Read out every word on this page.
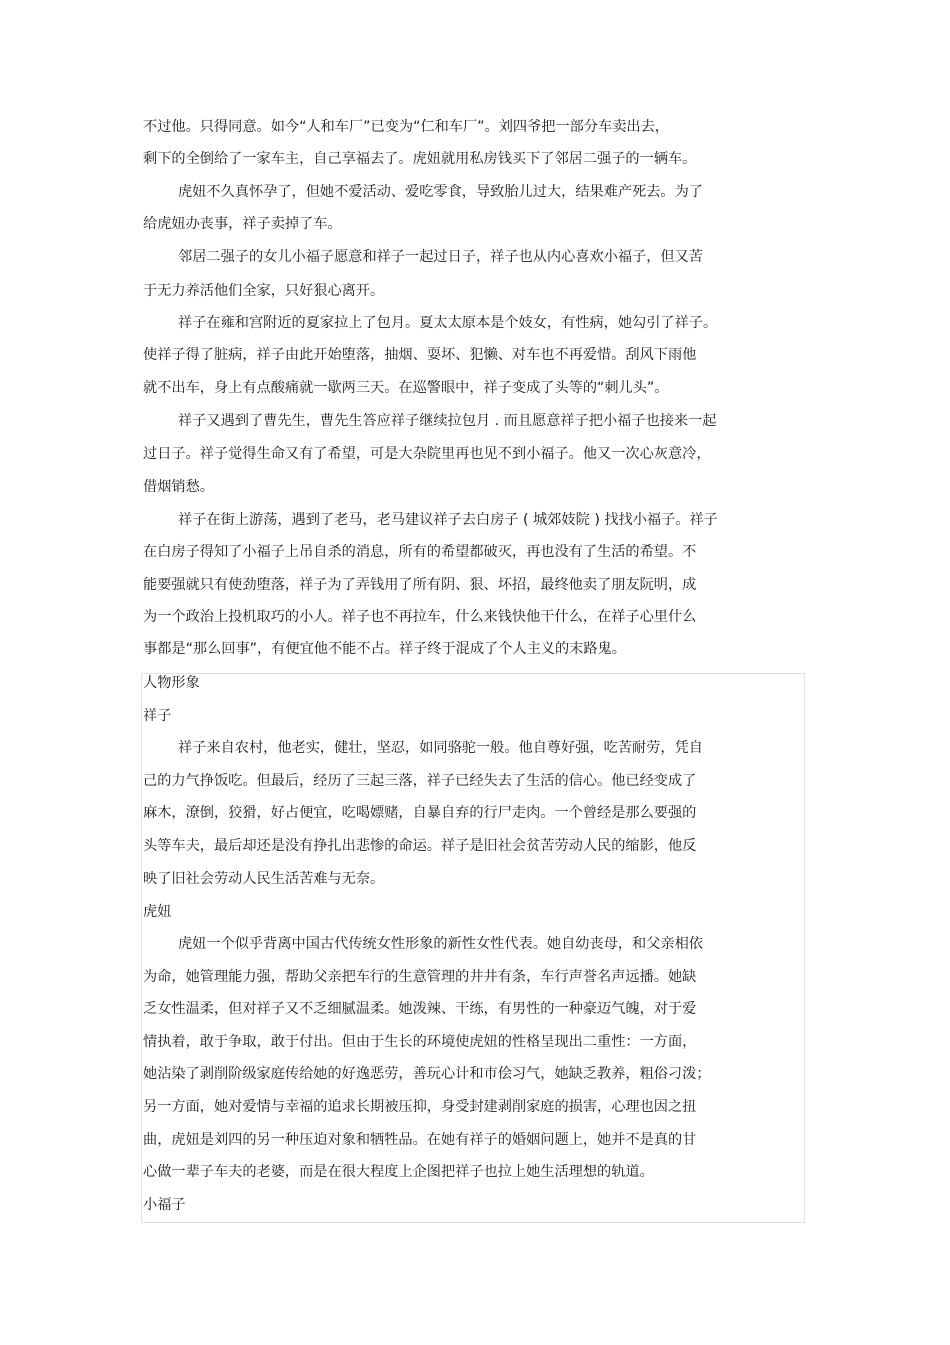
不过他。只得同意。如今“人和车厂”已变为“仁和车厂”。刘四爷把一部分车卖出去，
剩下的全倒给了一家车主，自己享福去了。虎妞就用私房钱买下了邻居二强子的一辆车。
虎妞不久真怀孕了，但她不爱活动、爱吃零食，导致胎儿过大，结果难产死去。为了
给虎妞办丧事，祥子卖掉了车。
邻居二强子的女儿小福子愿意和祥子一起过日子，祥子也从内心喜欢小福子，但又苦
于无力养活他们全家，只好狠心离开。
祥子在雍和宫附近的夏家拉上了包月。夏太太原本是个妓女，有性病，她勾引了祥子。
使祥子得了脏病，祥子由此开始堕落，抽烟、耍坏、犯懒、对车也不再爱惜。刮风下雨他
就不出车，身上有点酸痛就一歇两三天。在巡警眼中，祥子变成了头等的“刺儿头”。
祥子又遇到了曹先生，曹先生答应祥子继续拉包月 . 而且愿意祥子把小福子也接来一起
过日子。祥子觉得生命又有了希望，可是大杂院里再也见不到小福子。他又一次心灰意冷，
借烟销愁。
祥子在街上游荡，遇到了老马，老马建议祥子去白房子 ( 城郊妓院 ) 找找小福子。祥子
在白房子得知了小福子上吊自杀的消息，所有的希望都破灭，再也没有了生活的希望。不
能要强就只有使劲堕落，祥子为了弄钱用了所有阴、狠、坏招，最终他卖了朋友阮明，成
为一个政治上投机取巧的小人。祥子也不再拉车，什么来钱快他干什么，在祥子心里什么
事都是“那么回事”，有便宜他不能不占。祥子终于混成了个人主义的末路鬼。
人物形象
祥子
祥子来自农村，他老实，健壮，坚忍，如同骆驼一般。他自尊好强，吃苦耐劳，凭自
己的力气挣饭吃。但最后，经历了三起三落，祥子已经失去了生活的信心。他已经变成了
麻木，潦倒，狡猾，好占便宜，吃喝嫖赌，自暴自弃的行尸走肉。一个曾经是那么要强的
头等车夫，最后却还是没有挣扎出悲惨的命运。祥子是旧社会贫苦劳动人民的缩影，他反
映了旧社会劳动人民生活苦难与无奈。
虎妞
虎妞一个似乎背离中国古代传统女性形象的新性女性代表。她自幼丧母，和父亲相依
为命，她管理能力强，帮助父亲把车行的生意管理的井井有条，车行声誉名声远播。她缺
乏女性温柔，但对祥子又不乏细腻温柔。她泼辣、干练，有男性的一种豪迈气魄，对于爱
情执着，敢于争取，敢于付出。但由于生长的环境使虎妞的性格呈现出二重性：一方面，
她沾染了剥削阶级家庭传给她的好逸恶劳，善玩心计和市侩习气，她缺乏教养，粗俗刁泼；
另一方面，她对爱情与幸福的追求长期被压抑，身受封建剥削家庭的损害，心理也因之扭
曲，虎妞是刘四的另一种压迫对象和牺牲品。在她有祥子的婚姻问题上，她并不是真的甘
心做一辈子车夫的老婆，而是在很大程度上企图把祥子也拉上她生活理想的轨道。
小福子
